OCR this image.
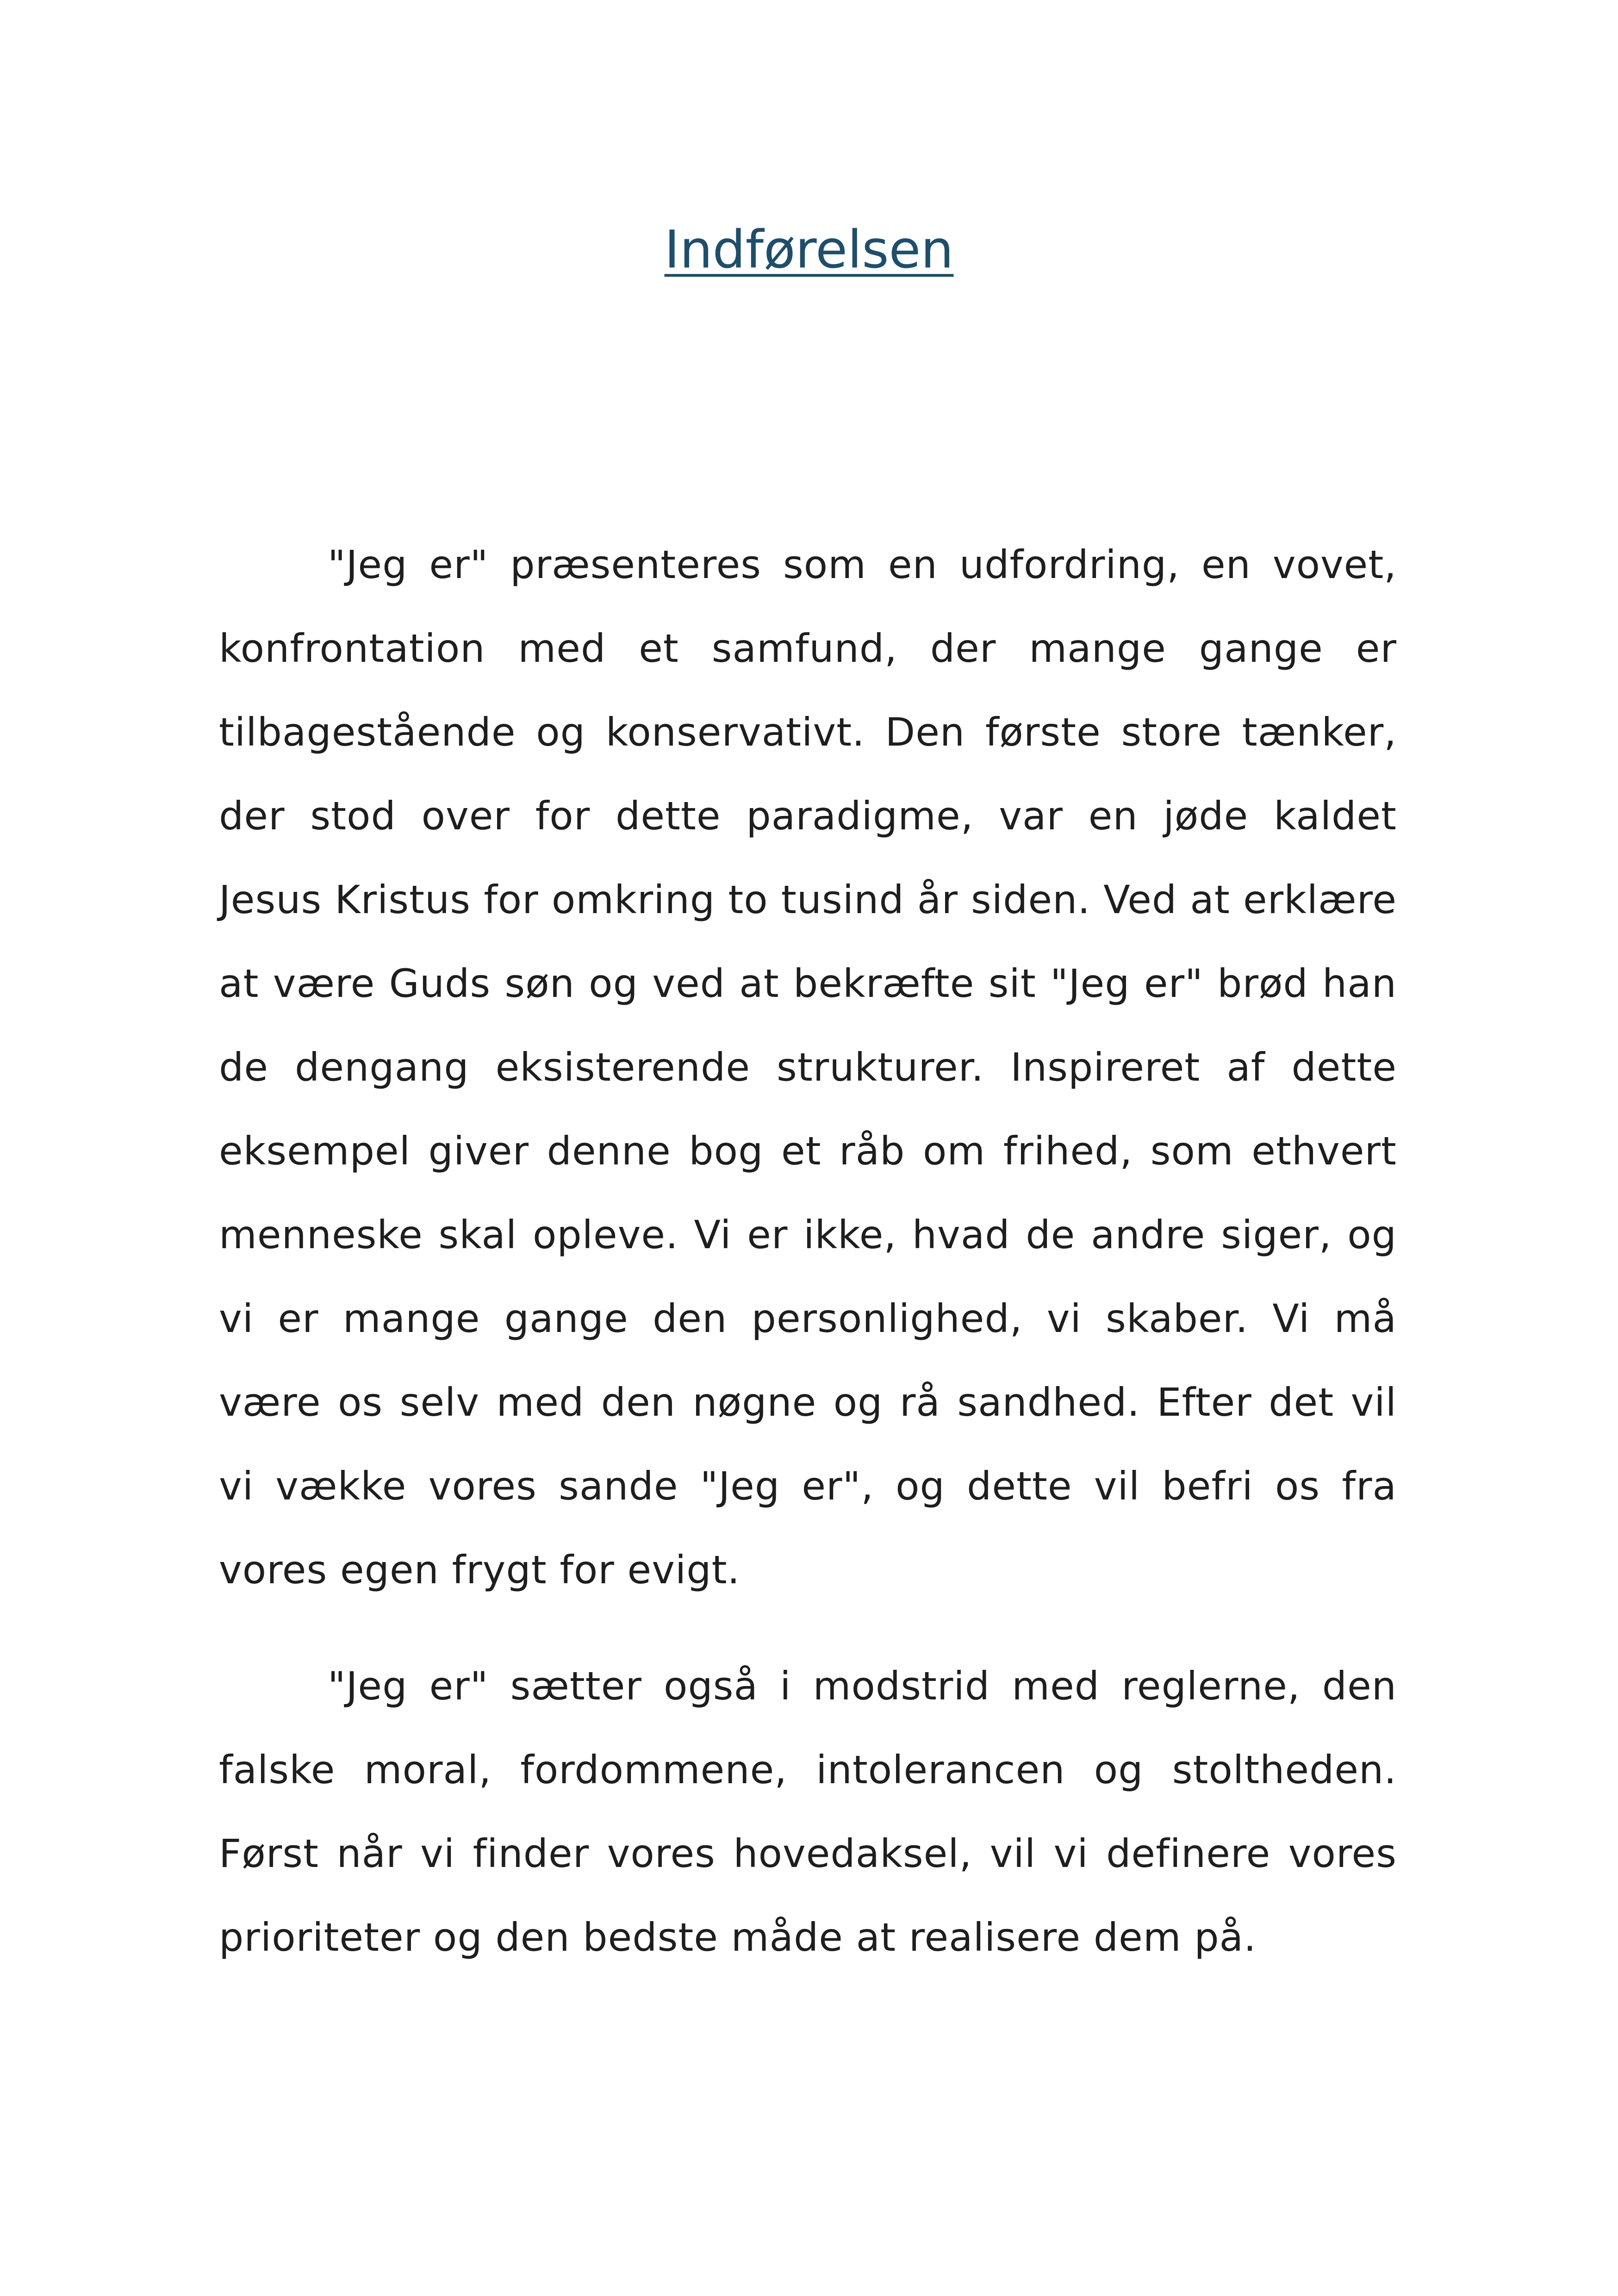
Indførelsen

"Jeg er" præsenteres som en udfordring, en vovet, konfrontation med et samfund, der mange gange er tilbagestående og konservativt. Den første store tænker, der stod over for dette paradigme, var en jøde kaldet Jesus Kristus for omkring to tusind år siden. Ved at erklære at være Guds søn og ved at bekræfte sit "Jeg er" brød han de dengang eksisterende strukturer. Inspireret af dette eksempel giver denne bog et råb om frihed, som ethvert menneske skal opleve. Vi er ikke, hvad de andre siger, og vi er mange gange den personlighed, vi skaber. Vi må være os selv med den nøgne og rå sandhed. Efter det vil vi vække vores sande "Jeg er", og dette vil befri os fra vores egen frygt for evigt.

"Jeg er" sætter også i modstrid med reglerne, den falske moral, fordommene, intolerancen og stoltheden. Først når vi finder vores hovedaksel, vil vi definere vores prioriteter og den bedste måde at realisere dem på.
